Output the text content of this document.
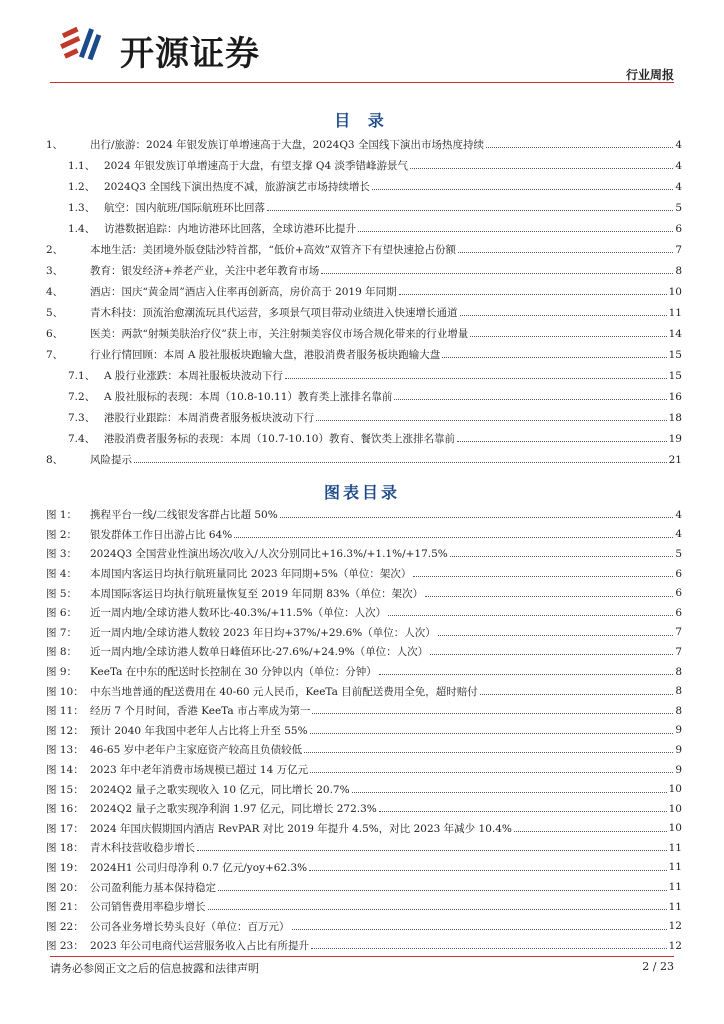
开源证券
行业周报
目 录
1、	出行/旅游：2024 年银发族订单增速高于大盘，2024Q3 全国线下演出市场热度持续	4
1.1、 2024 年银发族订单增速高于大盘，有望支撑 Q4 淡季错峰游景气	4
1.2、 2024Q3 全国线下演出热度不减，旅游演艺市场持续增长	4
1.3、 航空：国内航班/国际航班环比回落	5
1.4、 访港数据追踪：内地访港环比回落，全球访港环比提升	6
2、	本地生活：美团境外版登陆沙特首都，“低价+高效”双管齐下有望快速抢占份额	7
3、	教育：银发经济+养老产业，关注中老年教育市场	8
4、	酒店：国庆“黄金周”酒店入住率再创新高，房价高于 2019 年同期	10
5、	青木科技：顶流治愈潮流玩具代运营，多项景气项目带动业绩进入快速增长通道	11
6、	医美：两款“射频美肤治疗仪”获上市，关注射频美容仪市场合规化带来的行业增量	14
7、	行业行情回顾：本周 A 股社服板块跑输大盘，港股消费者服务板块跑输大盘	15
7.1、 A 股行业涨跌：本周社服板块波动下行	15
7.2、 A 股社服标的表现：本周（10.8-10.11）教育类上涨排名靠前	16
7.3、 港股行业跟踪：本周消费者服务板块波动下行	18
7.4、 港股消费者服务标的表现：本周（10.7-10.10）教育、餐饮类上涨排名靠前	19
8、	风险提示	21
图表目录
图 1：	携程平台一线/二线银发客群占比超 50%	4
图 2：	银发群体工作日出游占比 64%	4
图 3：	2024Q3 全国营业性演出场次/收入/人次分别同比+16.3%/+1.1%/+17.5%	5
图 4：	本周国内客运日均执行航班量同比 2023 年同期+5%（单位：架次）	6
图 5：	本周国际客运日均执行航班量恢复至 2019 年同期 83%（单位：架次）	6
图 6：	近一周内地/全球访港人数环比-40.3%/+11.5%（单位：人次）	6
图 7：	近一周内地/全球访港人数较 2023 年日均+37%/+29.6%（单位：人次）	7
图 8：	近一周内地/全球访港人数单日峰值环比-27.6%/+24.9%（单位：人次）	7
图 9：	KeeTa 在中东的配送时长控制在 30 分钟以内（单位：分钟）	8
图 10： 中东当地普通的配送费用在 40-60 元人民币，KeeTa 目前配送费用全免，超时赔付	8
图 11： 经历 7 个月时间，香港 KeeTa 市占率成为第一	8
图 12： 预计 2040 年我国中老年人占比将上升至 55%	9
图 13： 46-65 岁中老年户主家庭资产较高且负债较低	9
图 14： 2023 年中老年消费市场规模已超过 14 万亿元	9
图 15： 2024Q2 量子之歌实现收入 10 亿元，同比增长 20.7%	10
图 16： 2024Q2 量子之歌实现净利润 1.97 亿元，同比增长 272.3%	10
图 17： 2024 年国庆假期国内酒店 RevPAR 对比 2019 年提升 4.5%，对比 2023 年减少 10.4%	10
图 18： 青木科技营收稳步增长	11
图 19： 2024H1 公司归母净利 0.7 亿元/yoy+62.3%	11
图 20： 公司盈利能力基本保持稳定	11
图 21： 公司销售费用率稳步增长	11
图 22： 公司各业务增长势头良好（单位：百万元）	12
图 23： 2023 年公司电商代运营服务收入占比有所提升	12
请务必参阅正文之后的信息披露和法律声明	2 / 23
